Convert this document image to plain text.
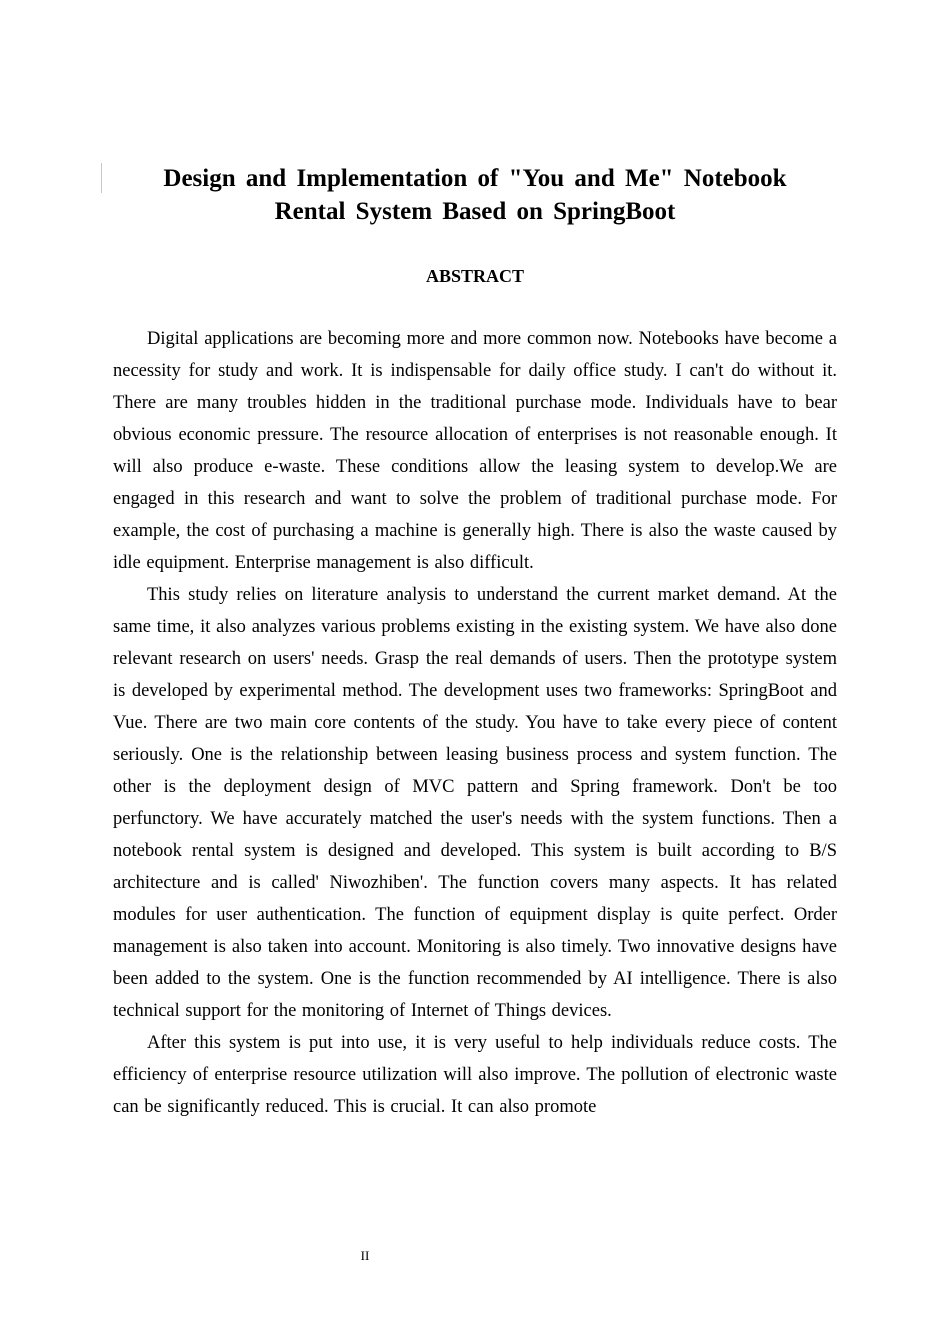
Design and Implementation of "You and Me" Notebook
Rental System Based on SpringBoot
ABSTRACT

Digital applications are becoming more and more common now. Notebooks have become a necessity for study and work. It is indispensable for daily office study. I can't do without it. There are many troubles hidden in the traditional purchase mode. Individuals have to bear obvious economic pressure. The resource allocation of enterprises is not reasonable enough. It will also produce e-waste. These conditions allow the leasing system to develop.We are engaged in this research and want to solve the problem of traditional purchase mode. For example, the cost of purchasing a machine is generally high. There is also the waste caused by idle equipment. Enterprise management is also difficult.

This study relies on literature analysis to understand the current market demand. At the same time, it also analyzes various problems existing in the existing system. We have also done relevant research on users' needs. Grasp the real demands of users. Then the prototype system is developed by experimental method. The development uses two frameworks: SpringBoot and Vue. There are two main core contents of the study. You have to take every piece of content seriously. One is the relationship between leasing business process and system function. The other is the deployment design of MVC pattern and Spring framework. Don't be too perfunctory. We have accurately matched the user's needs with the system functions. Then a notebook rental system is designed and developed. This system is built according to B/S architecture and is called' Niwozhiben'. The function covers many aspects. It has related modules for user authentication. The function of equipment display is quite perfect. Order management is also taken into account. Monitoring is also timely. Two innovative designs have been added to the system. One is the function recommended by AI intelligence. There is also technical support for the monitoring of Internet of Things devices.

After this system is put into use, it is very useful to help individuals reduce costs. The efficiency of enterprise resource utilization will also improve. The pollution of electronic waste can be significantly reduced. This is crucial. It can also promote

II
